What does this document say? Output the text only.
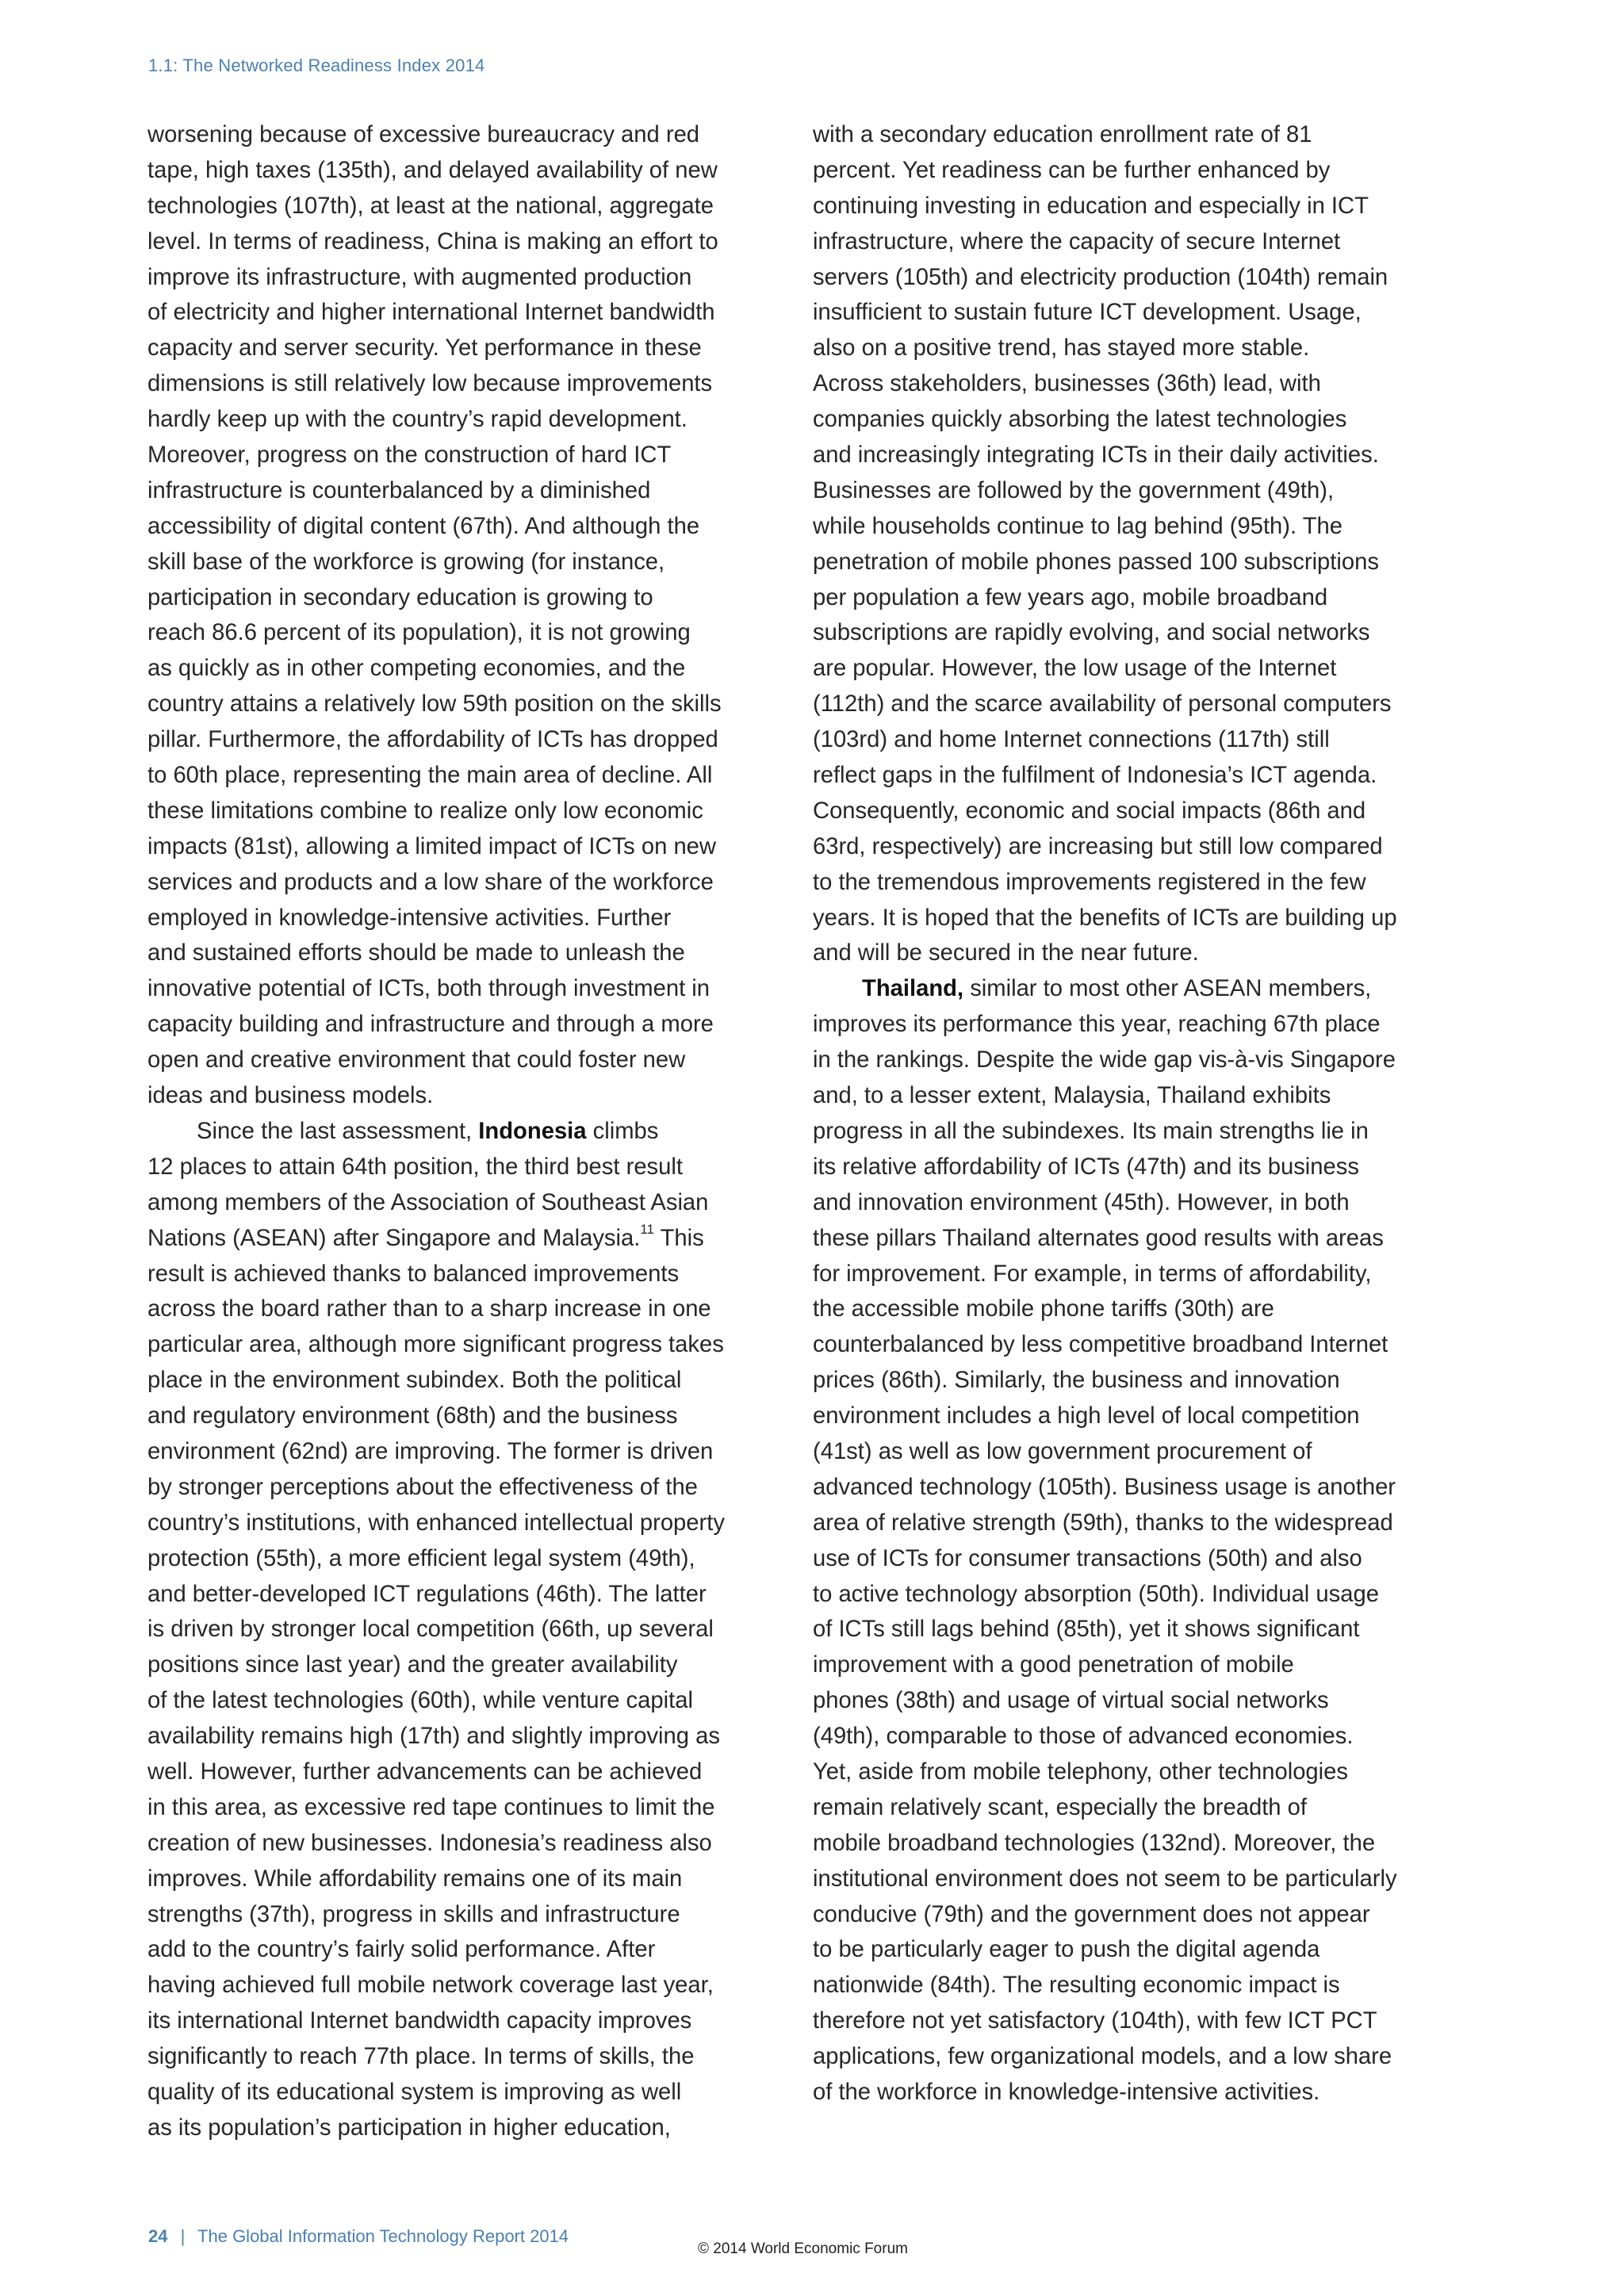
1.1: The Networked Readiness Index 2014
worsening because of excessive bureaucracy and red
tape, high taxes (135th), and delayed availability of new
technologies (107th), at least at the national, aggregate
level. In terms of readiness, China is making an effort to
improve its infrastructure, with augmented production
of electricity and higher international Internet bandwidth
capacity and server security. Yet performance in these
dimensions is still relatively low because improvements
hardly keep up with the country’s rapid development.
Moreover, progress on the construction of hard ICT
infrastructure is counterbalanced by a diminished
accessibility of digital content (67th). And although the
skill base of the workforce is growing (for instance,
participation in secondary education is growing to
reach 86.6 percent of its population), it is not growing
as quickly as in other competing economies, and the
country attains a relatively low 59th position on the skills
pillar. Furthermore, the affordability of ICTs has dropped
to 60th place, representing the main area of decline. All
these limitations combine to realize only low economic
impacts (81st), allowing a limited impact of ICTs on new
services and products and a low share of the workforce
employed in knowledge-intensive activities. Further
and sustained efforts should be made to unleash the
innovative potential of ICTs, both through investment in
capacity building and infrastructure and through a more
open and creative environment that could foster new
ideas and business models.
Since the last assessment, Indonesia climbs
12 places to attain 64th position, the third best result
among members of the Association of Southeast Asian
Nations (ASEAN) after Singapore and Malaysia.$^{11}$ This
result is achieved thanks to balanced improvements
across the board rather than to a sharp increase in one
particular area, although more significant progress takes
place in the environment subindex. Both the political
and regulatory environment (68th) and the business
environment (62nd) are improving. The former is driven
by stronger perceptions about the effectiveness of the
country’s institutions, with enhanced intellectual property
protection (55th), a more efficient legal system (49th),
and better-developed ICT regulations (46th). The latter
is driven by stronger local competition (66th, up several
positions since last year) and the greater availability
of the latest technologies (60th), while venture capital
availability remains high (17th) and slightly improving as
well. However, further advancements can be achieved
in this area, as excessive red tape continues to limit the
creation of new businesses. Indonesia’s readiness also
improves. While affordability remains one of its main
strengths (37th), progress in skills and infrastructure
add to the country’s fairly solid performance. After
having achieved full mobile network coverage last year,
its international Internet bandwidth capacity improves
significantly to reach 77th place. In terms of skills, the
quality of its educational system is improving as well
as its population’s participation in higher education,
with a secondary education enrollment rate of 81
percent. Yet readiness can be further enhanced by
continuing investing in education and especially in ICT
infrastructure, where the capacity of secure Internet
servers (105th) and electricity production (104th) remain
insufficient to sustain future ICT development. Usage,
also on a positive trend, has stayed more stable.
Across stakeholders, businesses (36th) lead, with
companies quickly absorbing the latest technologies
and increasingly integrating ICTs in their daily activities.
Businesses are followed by the government (49th),
while households continue to lag behind (95th). The
penetration of mobile phones passed 100 subscriptions
per population a few years ago, mobile broadband
subscriptions are rapidly evolving, and social networks
are popular. However, the low usage of the Internet
(112th) and the scarce availability of personal computers
(103rd) and home Internet connections (117th) still
reflect gaps in the fulfilment of Indonesia’s ICT agenda.
Consequently, economic and social impacts (86th and
63rd, respectively) are increasing but still low compared
to the tremendous improvements registered in the few
years. It is hoped that the benefits of ICTs are building up
and will be secured in the near future.
Thailand, similar to most other ASEAN members,
improves its performance this year, reaching 67th place
in the rankings. Despite the wide gap vis-à-vis Singapore
and, to a lesser extent, Malaysia, Thailand exhibits
progress in all the subindexes. Its main strengths lie in
its relative affordability of ICTs (47th) and its business
and innovation environment (45th). However, in both
these pillars Thailand alternates good results with areas
for improvement. For example, in terms of affordability,
the accessible mobile phone tariffs (30th) are
counterbalanced by less competitive broadband Internet
prices (86th). Similarly, the business and innovation
environment includes a high level of local competition
(41st) as well as low government procurement of
advanced technology (105th). Business usage is another
area of relative strength (59th), thanks to the widespread
use of ICTs for consumer transactions (50th) and also
to active technology absorption (50th). Individual usage
of ICTs still lags behind (85th), yet it shows significant
improvement with a good penetration of mobile
phones (38th) and usage of virtual social networks
(49th), comparable to those of advanced economies.
Yet, aside from mobile telephony, other technologies
remain relatively scant, especially the breadth of
mobile broadband technologies (132nd). Moreover, the
institutional environment does not seem to be particularly
conducive (79th) and the government does not appear
to be particularly eager to push the digital agenda
nationwide (84th). The resulting economic impact is
therefore not yet satisfactory (104th), with few ICT PCT
applications, few organizational models, and a low share
of the workforce in knowledge-intensive activities.
24 | The Global Information Technology Report 2014
© 2014 World Economic Forum
